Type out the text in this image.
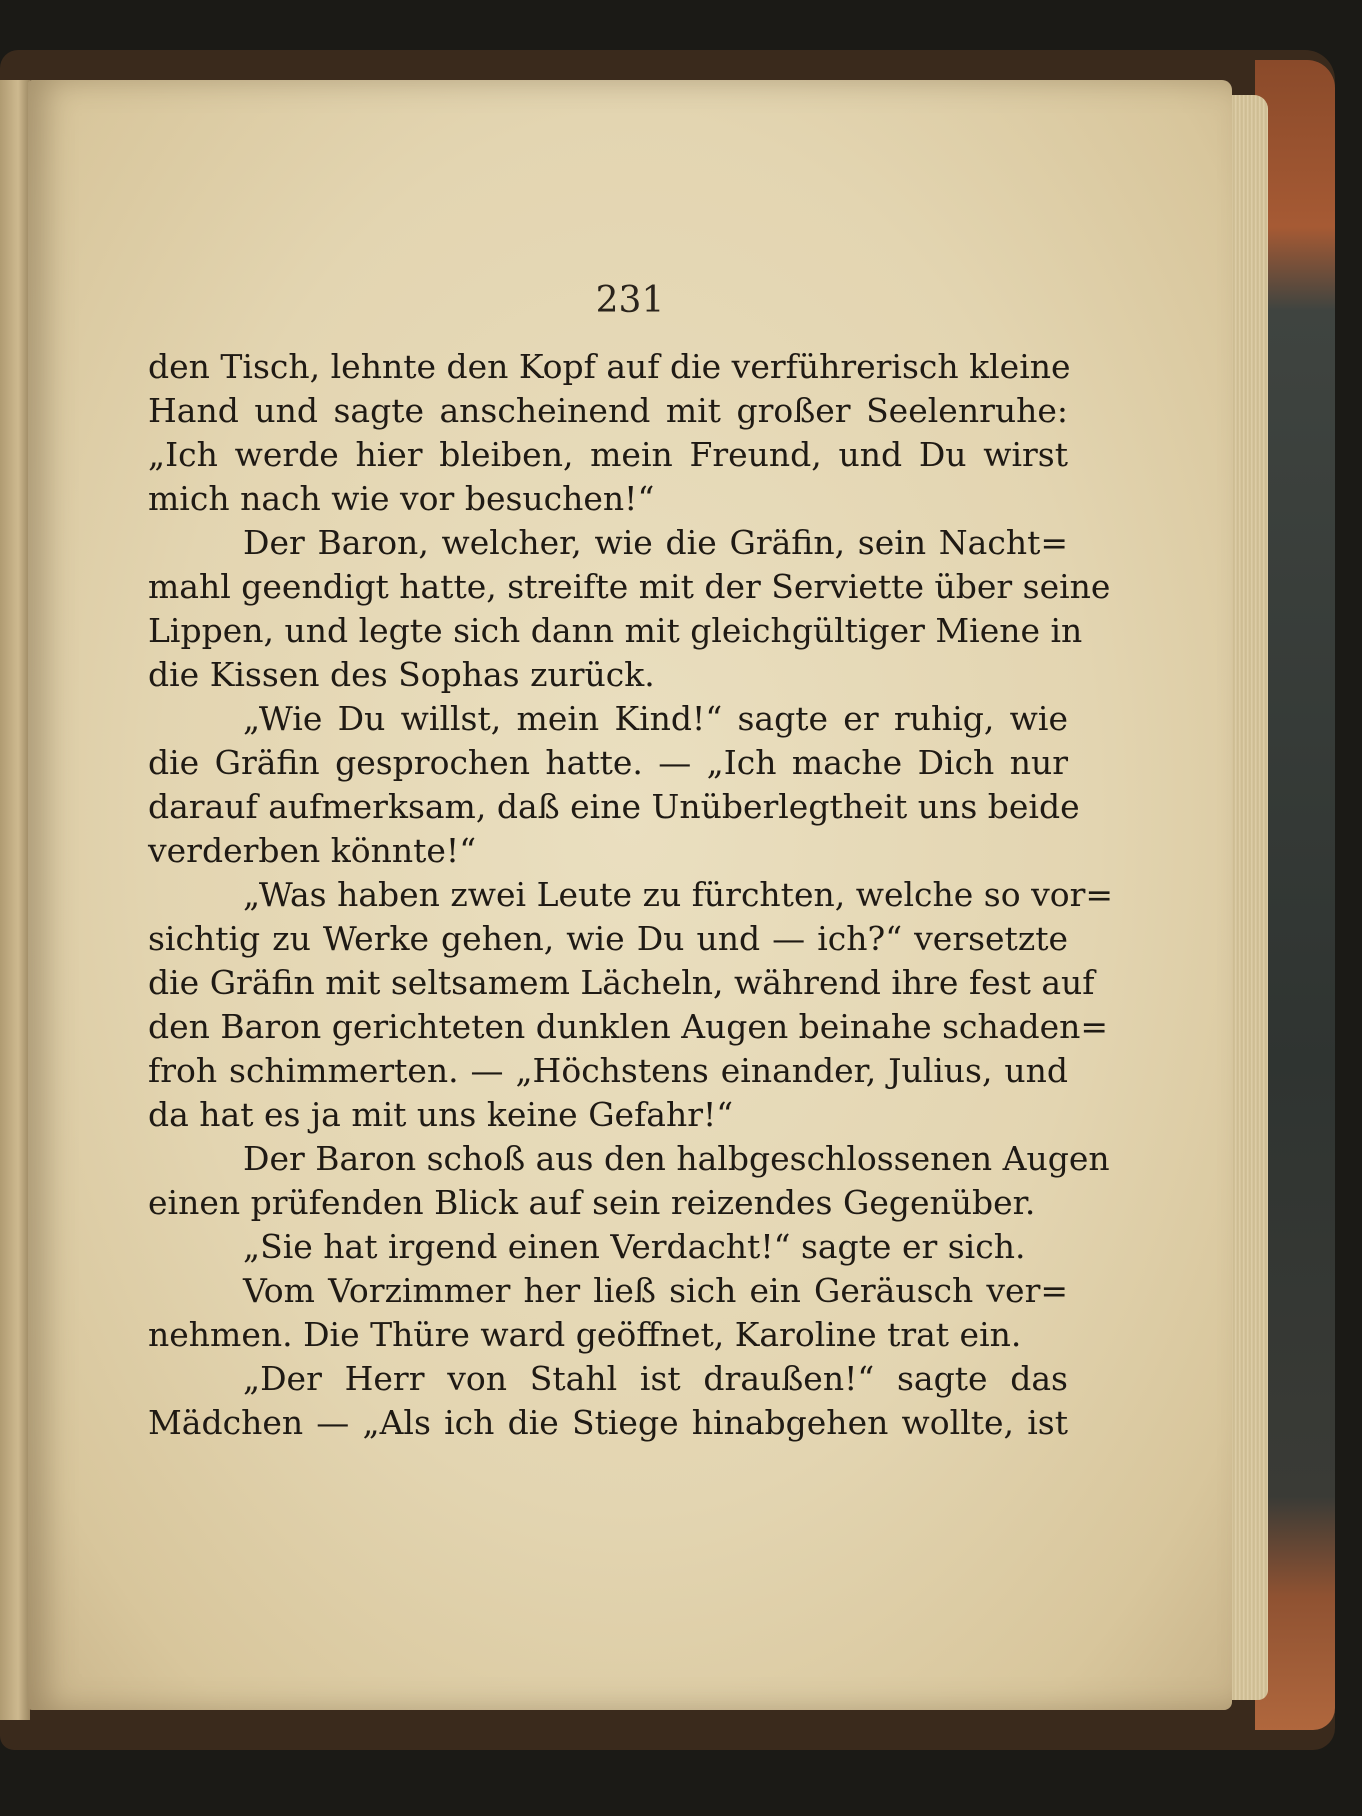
231
den Tisch, lehnte den Kopf auf die verführerisch kleine
Hand und sagte anscheinend mit großer Seelenruhe:
„Ich werde hier bleiben, mein Freund, und Du wirst
mich nach wie vor besuchen!“
Der Baron, welcher, wie die Gräfin, sein Nacht=
mahl geendigt hatte, streifte mit der Serviette über seine
Lippen, und legte sich dann mit gleichgültiger Miene in
die Kissen des Sophas zurück.
„Wie Du willst, mein Kind!“ sagte er ruhig, wie
die Gräfin gesprochen hatte. — „Ich mache Dich nur
darauf aufmerksam, daß eine Unüberlegtheit uns beide
verderben könnte!“
„Was haben zwei Leute zu fürchten, welche so vor=
sichtig zu Werke gehen, wie Du und — ich?“ versetzte
die Gräfin mit seltsamem Lächeln, während ihre fest auf
den Baron gerichteten dunklen Augen beinahe schaden=
froh schimmerten. — „Höchstens einander, Julius, und
da hat es ja mit uns keine Gefahr!“
Der Baron schoß aus den halbgeschlossenen Augen
einen prüfenden Blick auf sein reizendes Gegenüber.
„Sie hat irgend einen Verdacht!“ sagte er sich.
Vom Vorzimmer her ließ sich ein Geräusch ver=
nehmen. Die Thüre ward geöffnet, Karoline trat ein.
„Der Herr von Stahl ist draußen!“ sagte das
Mädchen — „Als ich die Stiege hinabgehen wollte, ist
